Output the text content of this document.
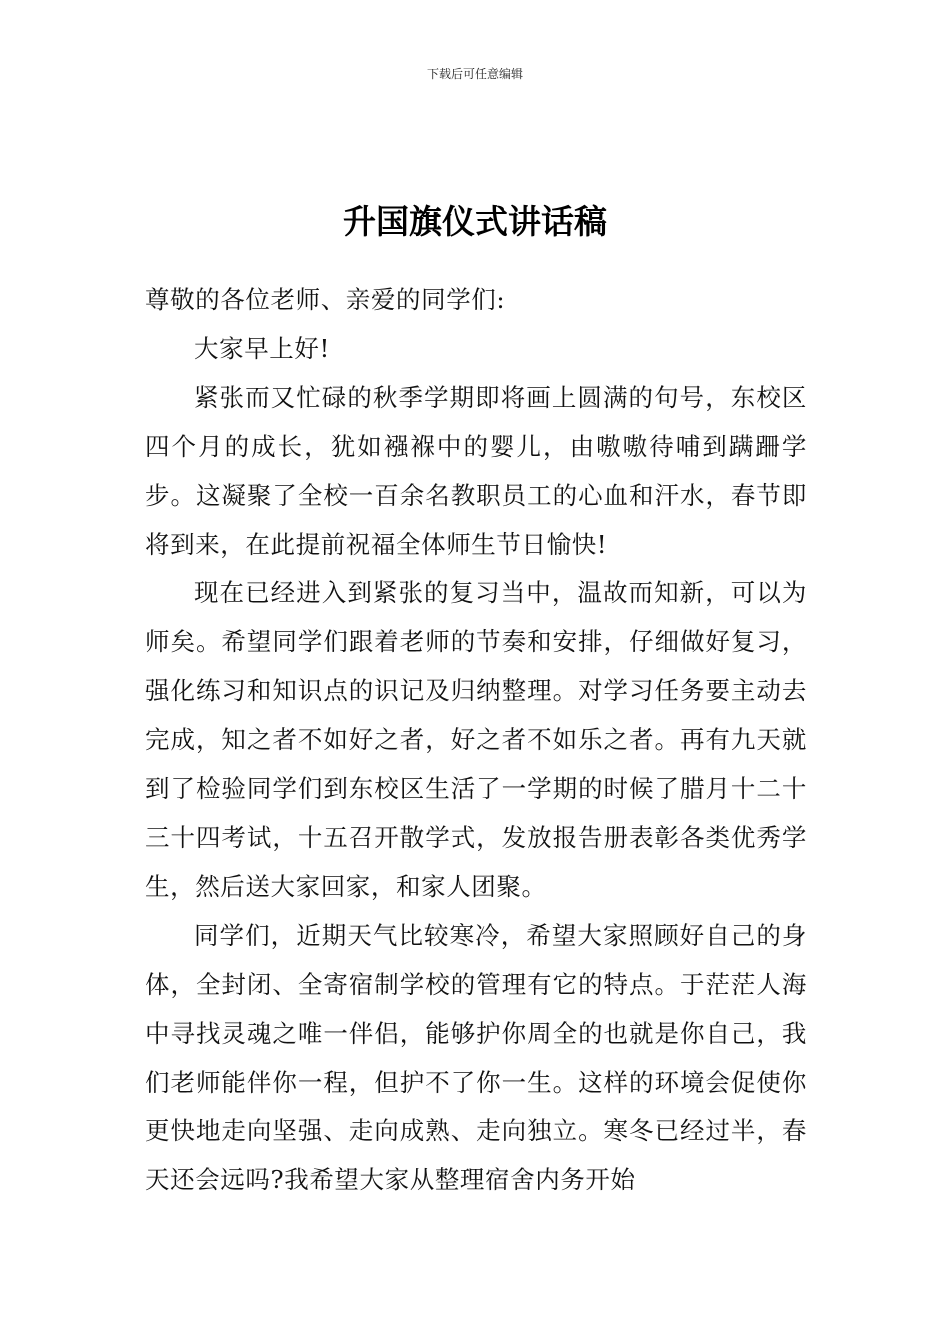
下载后可任意编辑
升国旗仪式讲话稿

尊敬的各位老师、亲爱的同学们:

大家早上好!

紧张而又忙碌的秋季学期即将画上圆满的句号，东校区四个月的成长，犹如襁褓中的婴儿，由嗷嗷待哺到蹒跚学步。这凝聚了全校一百余名教职员工的心血和汗水，春节即将到来，在此提前祝福全体师生节日愉快!

现在已经进入到紧张的复习当中，温故而知新，可以为师矣。希望同学们跟着老师的节奏和安排，仔细做好复习，强化练习和知识点的识记及归纳整理。对学习任务要主动去完成，知之者不如好之者，好之者不如乐之者。再有九天就到了检验同学们到东校区生活了一学期的时候了腊月十二十三十四考试，十五召开散学式，发放报告册表彰各类优秀学生，然后送大家回家，和家人团聚。

同学们，近期天气比较寒冷，希望大家照顾好自己的身体，全封闭、全寄宿制学校的管理有它的特点。于茫茫人海中寻找灵魂之唯一伴侣，能够护你周全的也就是你自己，我们老师能伴你一程，但护不了你一生。这样的环境会促使你更快地走向坚强、走向成熟、走向独立。寒冬已经过半，春天还会远吗?我希望大家从整理宿舍内务开始
